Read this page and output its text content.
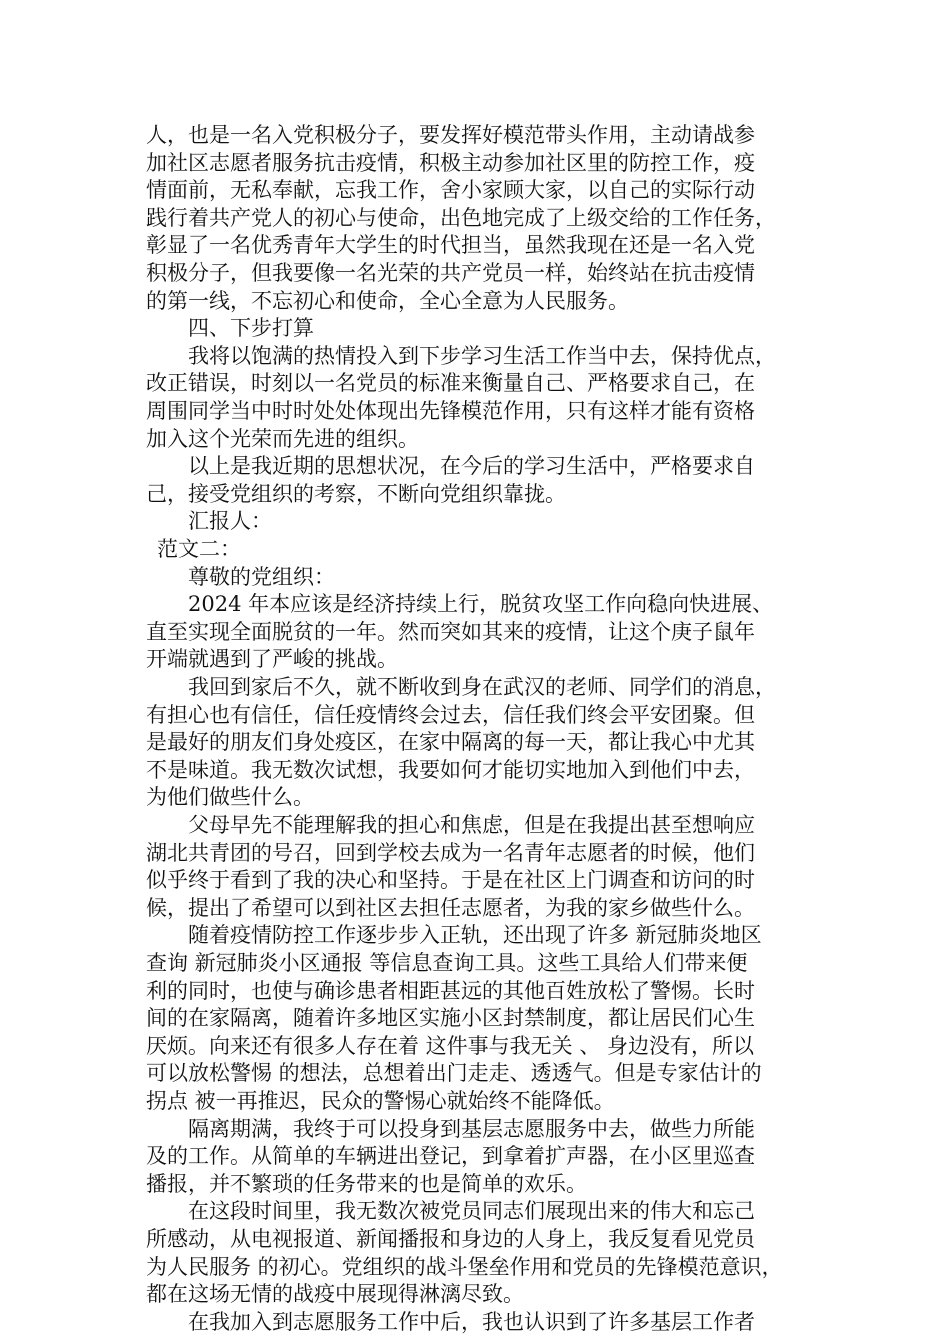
人，也是一名入党积极分子，要发挥好模范带头作用，主动请战参
加社区志愿者服务抗击疫情，积极主动参加社区里的防控工作，疫
情面前，无私奉献，忘我工作，舍小家顾大家，以自己的实际行动
践行着共产党人的初心与使命，出色地完成了上级交给的工作任务，
彰显了一名优秀青年大学生的时代担当，虽然我现在还是一名入党
积极分子，但我要像一名光荣的共产党员一样，始终站在抗击疫情
的第一线，不忘初心和使命，全心全意为人民服务。
四、下步打算
我将以饱满的热情投入到下步学习生活工作当中去，保持优点，
改正错误，时刻以一名党员的标准来衡量自己、严格要求自己，在
周围同学当中时时处处体现出先锋模范作用，只有这样才能有资格
加入这个光荣而先进的组织。
以上是我近期的思想状况，在今后的学习生活中，严格要求自
己，接受党组织的考察，不断向党组织靠拢。
汇报人：
范文二：
尊敬的党组织：
2024 年本应该是经济持续上行，脱贫攻坚工作向稳向快进展、
直至实现全面脱贫的一年。然而突如其来的疫情，让这个庚子鼠年
开端就遇到了严峻的挑战。
我回到家后不久，就不断收到身在武汉的老师、同学们的消息，
有担心也有信任，信任疫情终会过去，信任我们终会平安团聚。但
是最好的朋友们身处疫区，在家中隔离的每一天，都让我心中尤其
不是味道。我无数次试想，我要如何才能切实地加入到他们中去，
为他们做些什么。
父母早先不能理解我的担心和焦虑，但是在我提出甚至想响应
湖北共青团的号召，回到学校去成为一名青年志愿者的时候，他们
似乎终于看到了我的决心和坚持。于是在社区上门调查和访问的时
候，提出了希望可以到社区去担任志愿者，为我的家乡做些什么。
随着疫情防控工作逐步步入正轨，还出现了许多 新冠肺炎地区
查询 新冠肺炎小区通报 等信息查询工具。这些工具给人们带来便
利的同时，也使与确诊患者相距甚远的其他百姓放松了警惕。长时
间的在家隔离，随着许多地区实施小区封禁制度，都让居民们心生
厌烦。向来还有很多人存在着 这件事与我无关 、 身边没有，所以
可以放松警惕 的想法，总想着出门走走、透透气。但是专家估计的
拐点 被一再推迟，民众的警惕心就始终不能降低。
隔离期满，我终于可以投身到基层志愿服务中去，做些力所能
及的工作。从简单的车辆进出登记，到拿着扩声器，在小区里巡查
播报，并不繁琐的任务带来的也是简单的欢乐。
在这段时间里，我无数次被党员同志们展现出来的伟大和忘己
所感动，从电视报道、新闻播报和身边的人身上，我反复看见党员
为人民服务 的初心。党组织的战斗堡垒作用和党员的先锋模范意识，
都在这场无情的战疫中展现得淋漓尽致。
在我加入到志愿服务工作中后，我也认识到了许多基层工作者
